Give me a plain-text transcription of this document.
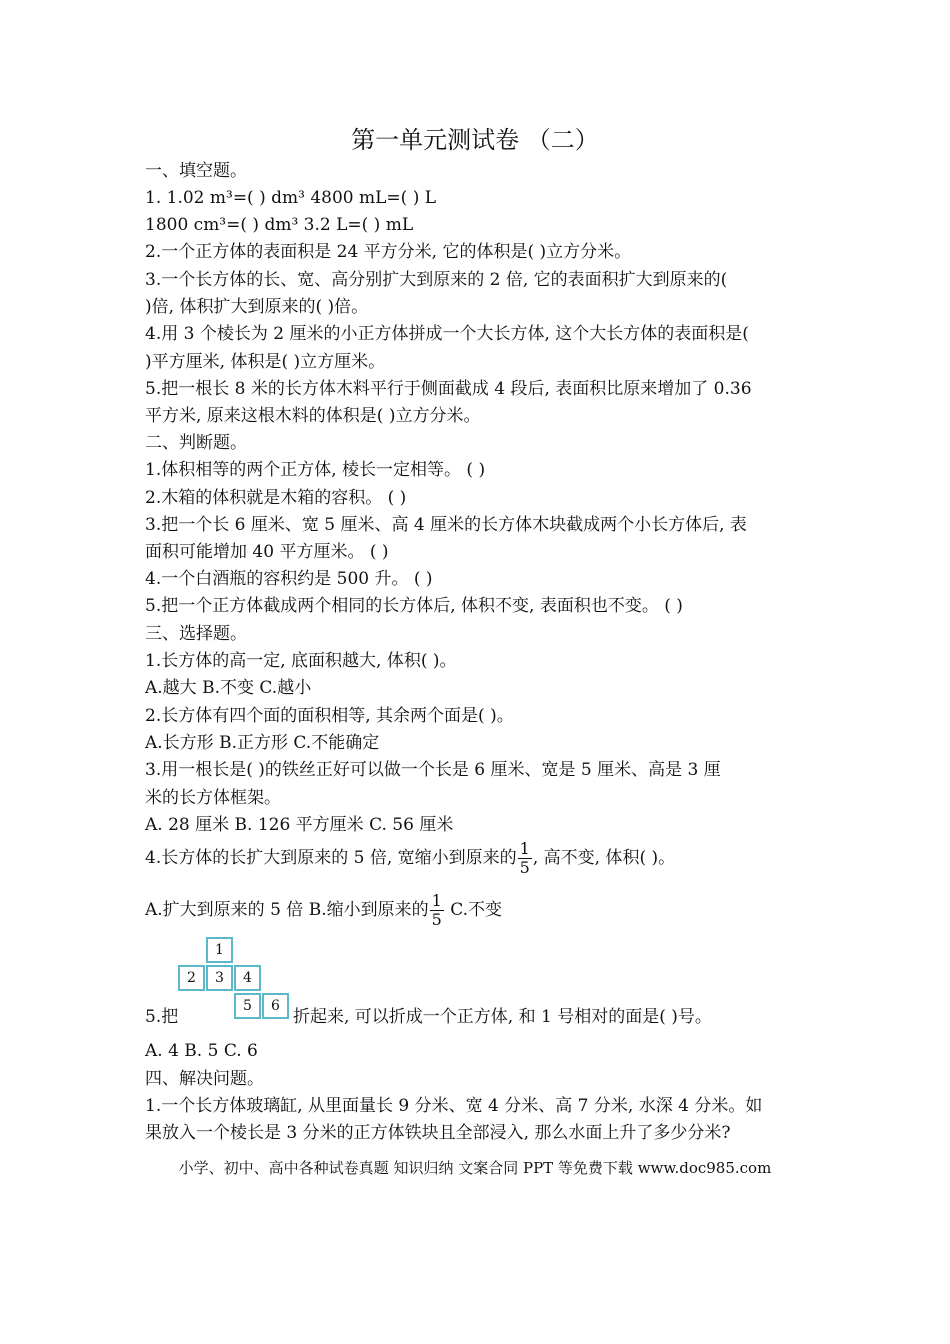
第一单元测试卷 （二）
一、填空题。
1. 1.02 m³=( ) dm³ 4800 mL=( ) L
1800 cm³=( ) dm³ 3.2 L=( ) mL
2.一个正方体的表面积是 24 平方分米, 它的体积是( )立方分米。
3.一个长方体的长、宽、高分别扩大到原来的 2 倍, 它的表面积扩大到原来的(
)倍, 体积扩大到原来的( )倍。
4.用 3 个棱长为 2 厘米的小正方体拼成一个大长方体, 这个大长方体的表面积是(
)平方厘米, 体积是( )立方厘米。
5.把一根长 8 米的长方体木料平行于侧面截成 4 段后, 表面积比原来增加了 0.36
平方米, 原来这根木料的体积是( )立方分米。
二、判断题。
1.体积相等的两个正方体, 棱长一定相等。 ( )
2.木箱的体积就是木箱的容积。 ( )
3.把一个长 6 厘米、宽 5 厘米、高 4 厘米的长方体木块截成两个小长方体后, 表
面积可能增加 40 平方厘米。 ( )
4.一个白酒瓶的容积约是 500 升。 ( )
5.把一个正方体截成两个相同的长方体后, 体积不变, 表面积也不变。 ( )
三、选择题。
1.长方体的高一定, 底面积越大, 体积( )。
A.越大 B.不变 C.越小
2.长方体有四个面的面积相等, 其余两个面是( )。
A.长方形 B.正方形 C.不能确定
3.用一根长是( )的铁丝正好可以做一个长是 6 厘米、宽是 5 厘米、高是 3 厘
米的长方体框架。
A. 28 厘米 B. 126 平方厘米 C. 56 厘米
4.长方体的长扩大到原来的 5 倍, 宽缩小到原来的 $\frac{1}{5}$ , 高不变, 体积( )。
A.扩大到原来的 5 倍 B.缩小到原来的 $\frac{1}{5} C$.不变
1
2	3	4
5	6
5.把	折起来, 可以折成一个正方体, 和 1 号相对的面是( )号。
A. 4 B. 5 C. 6
四、解决问题。
1.一个长方体玻璃缸, 从里面量长 9 分米、宽 4 分米、高 7 分米, 水深 4 分米。如
果放入一个棱长是 3 分米的正方体铁块且全部浸入, 那么水面上升了多少分米?
小学、初中、高中各种试卷真题 知识归纳 文案合同 PPT 等免费下载 www.doc985.com
